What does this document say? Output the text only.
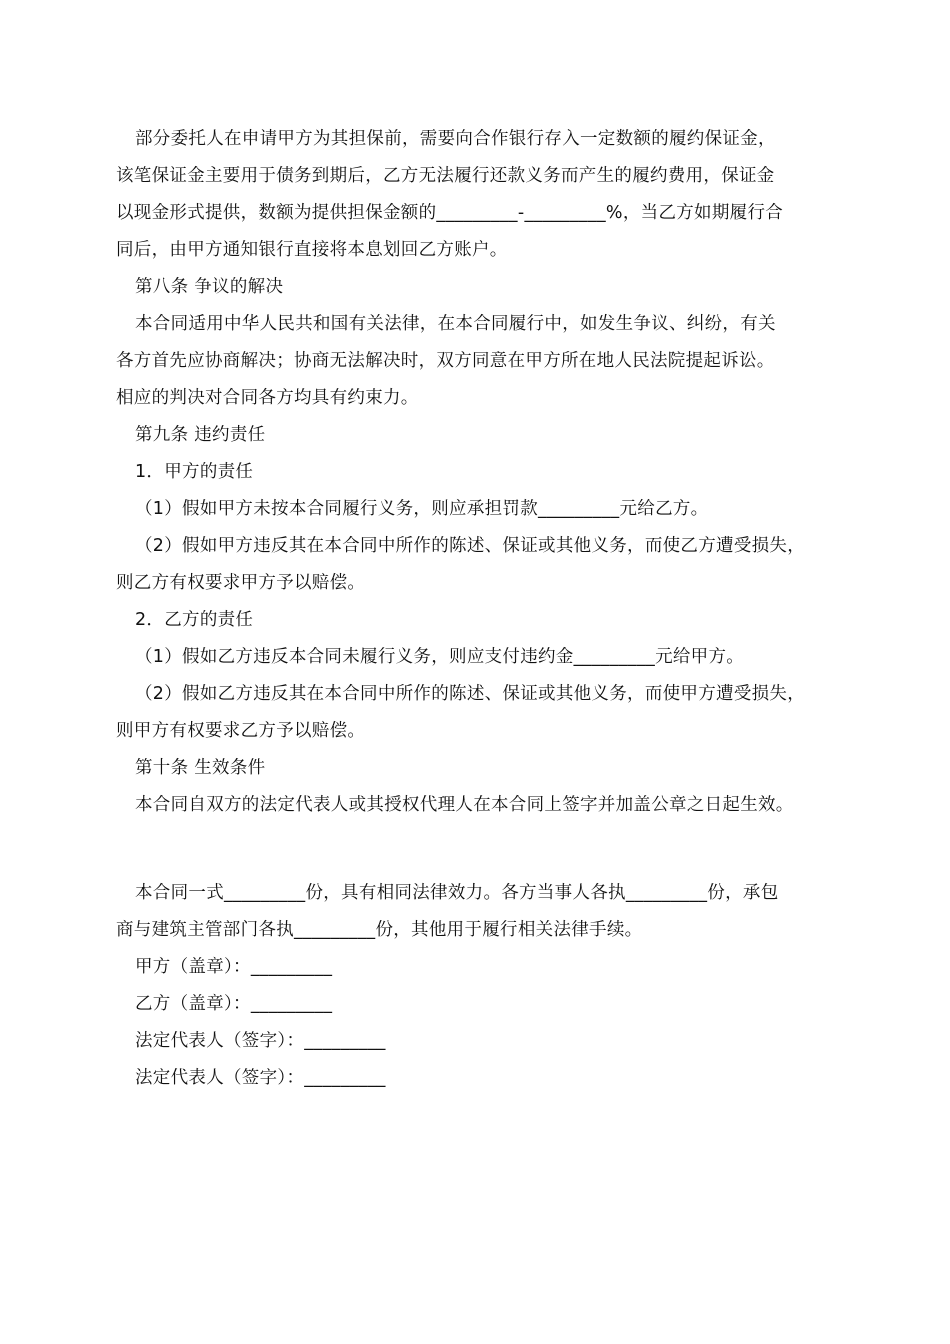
部分委托人在申请甲方为其担保前，需要向合作银行存入一定数额的履约保证金，
该笔保证金主要用于债务到期后，乙方无法履行还款义务而产生的履约费用，保证金
以现金形式提供，数额为提供担保金额的_________-_________%，当乙方如期履行合
同后，由甲方通知银行直接将本息划回乙方账户。
第八条 争议的解决
本合同适用中华人民共和国有关法律，在本合同履行中，如发生争议、纠纷，有关
各方首先应协商解决；协商无法解决时，双方同意在甲方所在地人民法院提起诉讼。
相应的判决对合同各方均具有约束力。
第九条 违约责任
1．甲方的责任
（1）假如甲方未按本合同履行义务，则应承担罚款_________元给乙方。
（2）假如甲方违反其在本合同中所作的陈述、保证或其他义务，而使乙方遭受损失，
则乙方有权要求甲方予以赔偿。
2．乙方的责任
（1）假如乙方违反本合同未履行义务，则应支付违约金_________元给甲方。
（2）假如乙方违反其在本合同中所作的陈述、保证或其他义务，而使甲方遭受损失，
则甲方有权要求乙方予以赔偿。
第十条 生效条件
本合同自双方的法定代表人或其授权代理人在本合同上签字并加盖公章之日起生效。
本合同一式_________份，具有相同法律效力。各方当事人各执_________份，承包
商与建筑主管部门各执_________份，其他用于履行相关法律手续。
甲方（盖章）：_________
乙方（盖章）：_________
法定代表人（签字）：_________
法定代表人（签字）：_________
